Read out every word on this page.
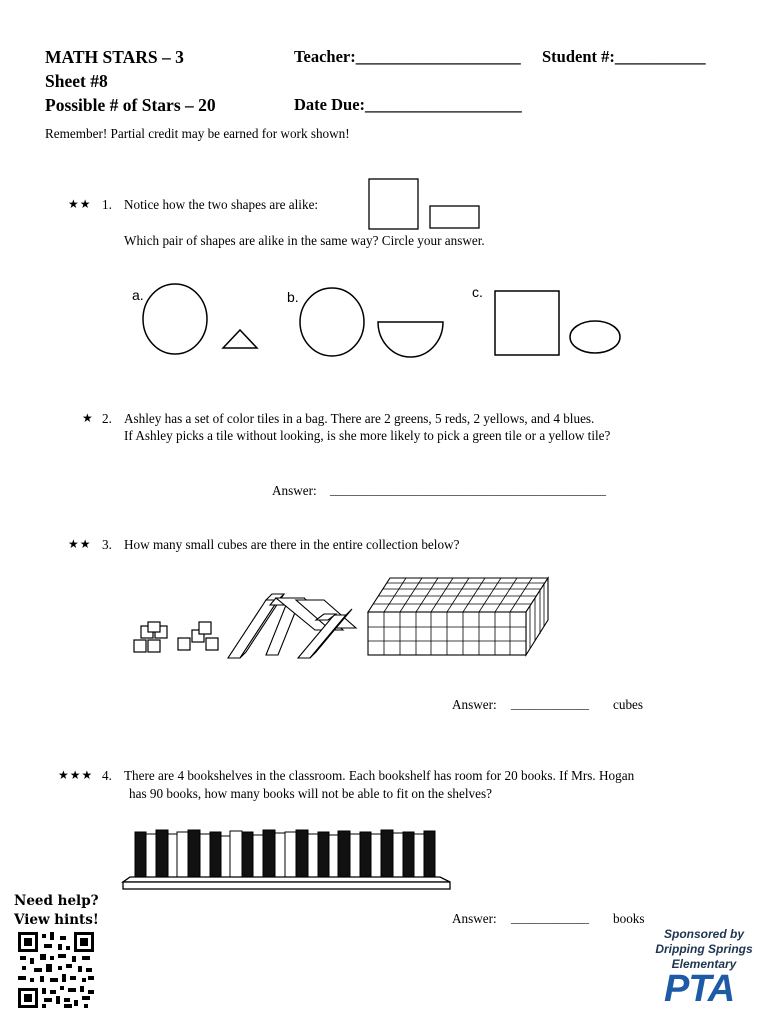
MATH STARS – 3
Sheet #8
Possible # of Stars – 20
Teacher:____________________ Student #:___________
Date Due:___________________
Remember! Partial credit may be earned for work shown!
★★ 1. Notice how the two shapes are alike:
Which pair of shapes are alike in the same way? Circle your answer.
a.	b.	c.
★ 2. Ashley has a set of color tiles in a bag. There are 2 greens, 5 reds, 2 yellows, and 4 blues.
If Ashley picks a tile without looking, is she more likely to pick a green tile or a yellow tile?
Answer: ______________________________________________
★★ 3. How many small cubes are there in the entire collection below?
Answer: _____________ cubes
★★★ 4. There are 4 bookshelves in the classroom. Each bookshelf has room for 20 books. If Mrs. Hogan
has 90 books, how many books will not be able to fit on the shelves?
Answer: _____________ books
Need help?
View hints!
Sponsored by
Dripping Springs
Elementary
PTA
